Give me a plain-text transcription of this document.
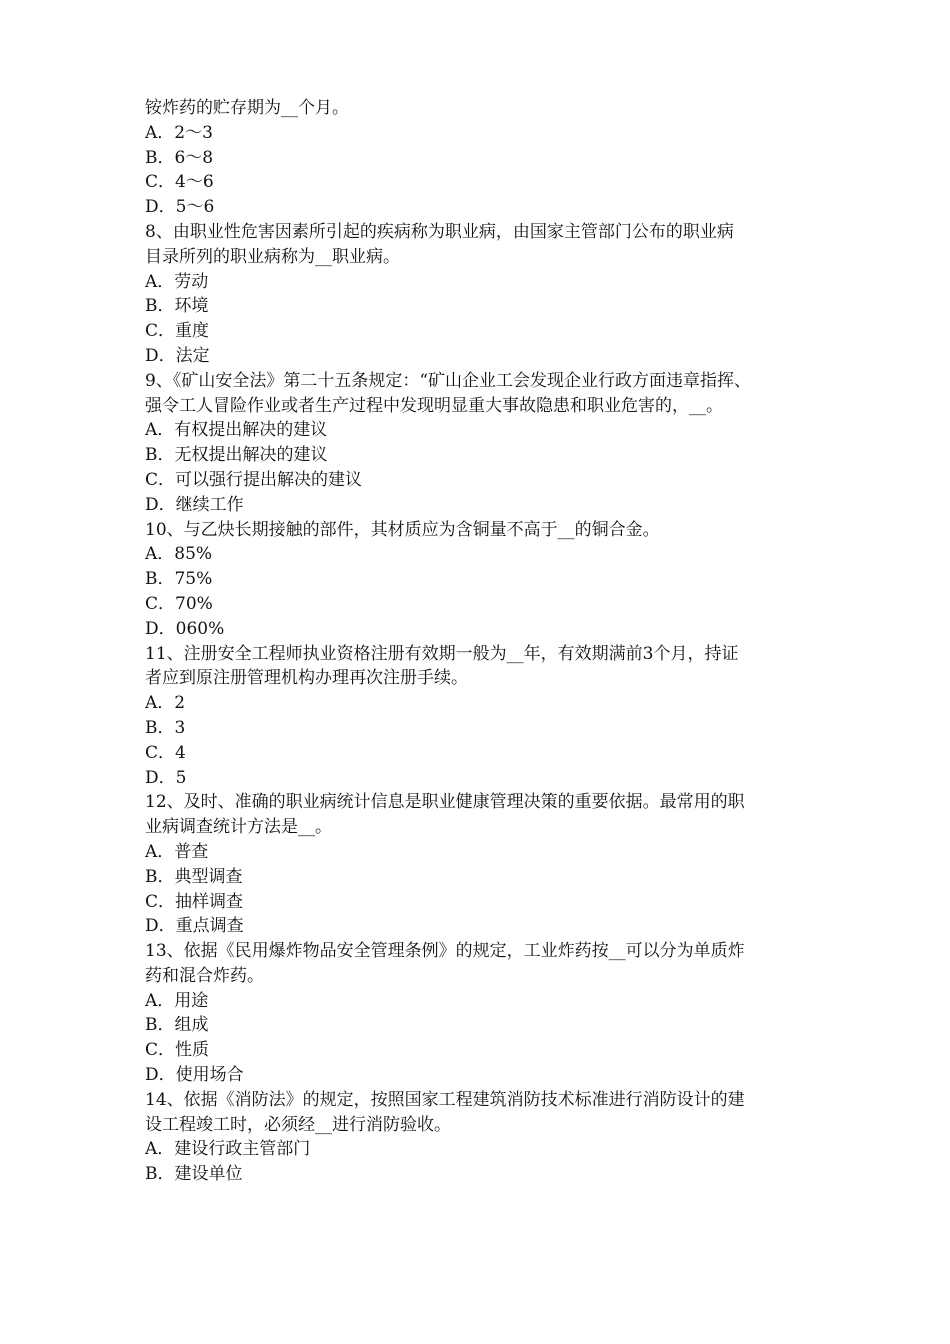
铵炸药的贮存期为__个月。
A．2～3
B．6～8
C．4～6
D．5～6
8、由职业性危害因素所引起的疾病称为职业病，由国家主管部门公布的职业病
目录所列的职业病称为__职业病。
A．劳动
B．环境
C．重度
D．法定
9、《矿山安全法》第二十五条规定：“矿山企业工会发现企业行政方面违章指挥、
强令工人冒险作业或者生产过程中发现明显重大事故隐患和职业危害的，__。
A．有权提出解决的建议
B．无权提出解决的建议
C．可以强行提出解决的建议
D．继续工作
10、与乙炔长期接触的部件，其材质应为含铜量不高于__的铜合金。
A．85%
B．75%
C．70%
D．060%
11、注册安全工程师执业资格注册有效期一般为__年，有效期满前3个月，持证
者应到原注册管理机构办理再次注册手续。
A．2
B．3
C．4
D．5
12、及时、准确的职业病统计信息是职业健康管理决策的重要依据。最常用的职
业病调查统计方法是__。
A．普查
B．典型调查
C．抽样调查
D．重点调查
13、依据《民用爆炸物品安全管理条例》的规定，工业炸药按__可以分为单质炸
药和混合炸药。
A．用途
B．组成
C．性质
D．使用场合
14、依据《消防法》的规定，按照国家工程建筑消防技术标准进行消防设计的建
设工程竣工时，必须经__进行消防验收。
A．建设行政主管部门
B．建设单位
